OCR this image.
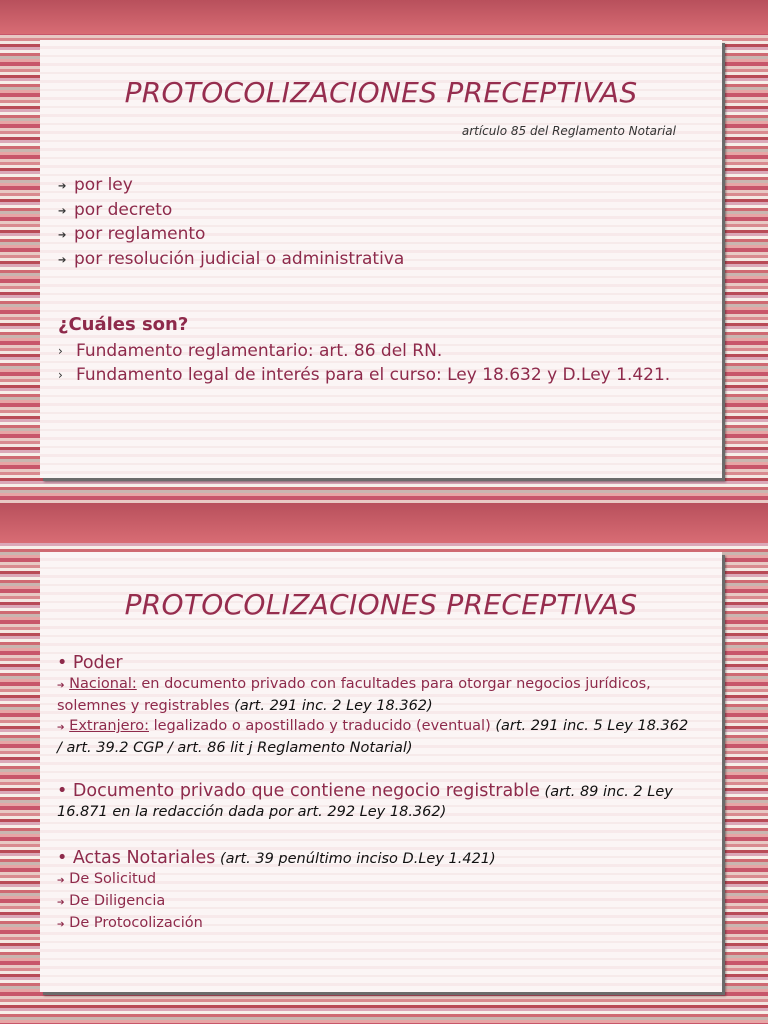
PROTOCOLIZACIONES PRECEPTIVAS
artículo 85 del Reglamento Notarial
➔ por ley
➔ por decreto
➔ por reglamento
➔ por resolución judicial o administrativa
¿Cuáles son?
› Fundamento reglamentario: art. 86 del RN.
› Fundamento legal de interés para el curso: Ley 18.632 y D.Ley 1.421.
PROTOCOLIZACIONES PRECEPTIVAS

• Poder

➔ Nacional: en documento privado con facultades para otorgar negocios jurídicos, solemnes y registrables (art. 291 inc. 2 Ley 18.362)

➔ Extranjero: legalizado o apostillado y traducido (eventual) (art. 291 inc. 5 Ley 18.362 / art. 39.2 CGP / art. 86 lit j Reglamento Notarial)

• Documento privado que contiene negocio registrable (art. 89 inc. 2 Ley 16.871 en la redacción dada por art. 292 Ley 18.362)

• Actas Notariales (art. 39 penúltimo inciso D.Ley 1.421)

➔ De Solicitud

➔ De Diligencia

➔ De Protocolización
